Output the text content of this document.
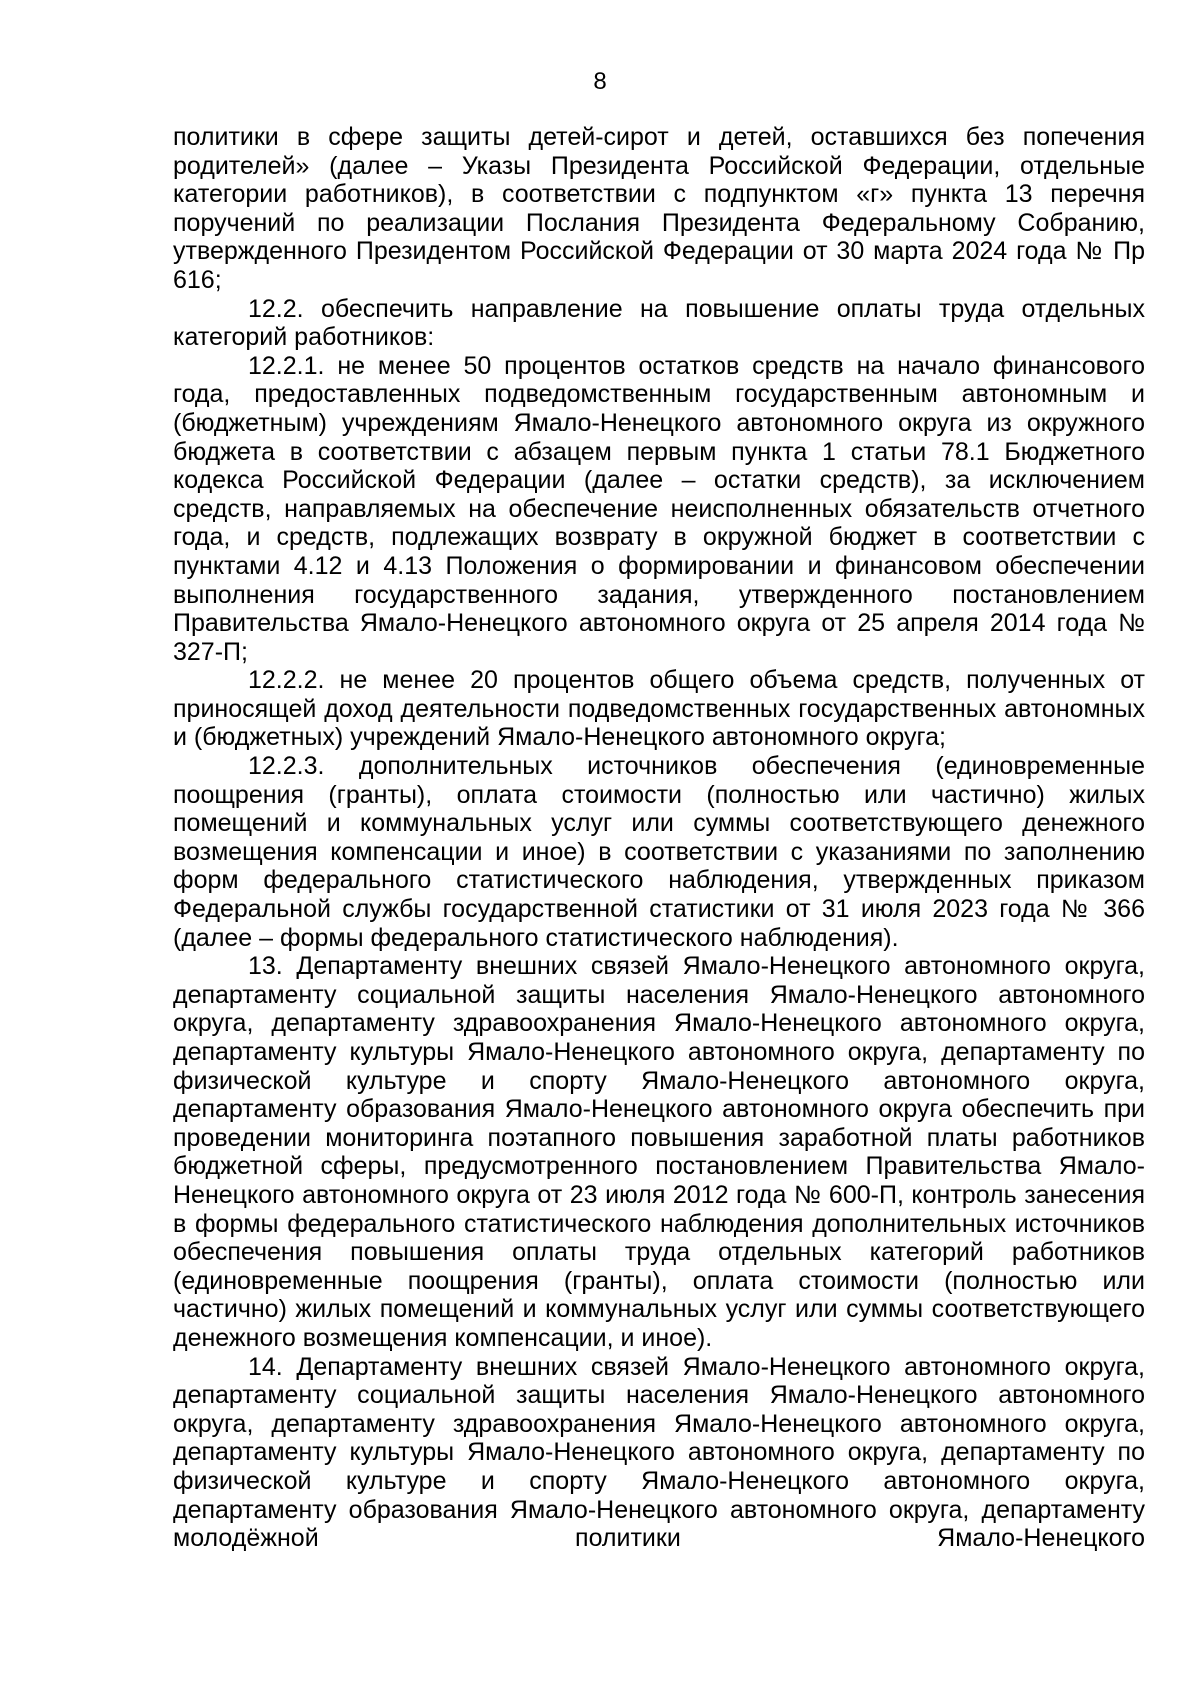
8

политики в сфере защиты детей-сирот и детей, оставшихся без попечения родителей» (далее – Указы Президента Российской Федерации, отдельные категории работников), в соответствии с подпунктом «г» пункта 13 перечня поручений по реализации Послания Президента Федеральному Собранию, утвержденного Президентом Российской Федерации от 30 марта 2024 года № Пр 616;

12.2. обеспечить направление на повышение оплаты труда отдельных категорий работников:

12.2.1. не менее 50 процентов остатков средств на начало финансового года, предоставленных подведомственным государственным автономным и (бюджетным) учреждениям Ямало-Ненецкого автономного округа из окружного бюджета в соответствии с абзацем первым пункта 1 статьи 78.1 Бюджетного кодекса Российской Федерации (далее – остатки средств), за исключением средств, направляемых на обеспечение неисполненных обязательств отчетного года, и средств, подлежащих возврату в окружной бюджет в соответствии с пунктами 4.12 и 4.13 Положения о формировании и финансовом обеспечении выполнения государственного задания, утвержденного постановлением Правительства Ямало-Ненецкого автономного округа от 25 апреля 2014 года № 327-П;

12.2.2. не менее 20 процентов общего объема средств, полученных от приносящей доход деятельности подведомственных государственных автономных и (бюджетных) учреждений Ямало-Ненецкого автономного округа;

12.2.3. дополнительных источников обеспечения (единовременные поощрения (гранты), оплата стоимости (полностью или частично) жилых помещений и коммунальных услуг или суммы соответствующего денежного возмещения компенсации и иное) в соответствии с указаниями по заполнению форм федерального статистического наблюдения, утвержденных приказом Федеральной службы государственной статистики от 31 июля 2023 года № 366 (далее – формы федерального статистического наблюдения).

13. Департаменту внешних связей Ямало-Ненецкого автономного округа, департаменту социальной защиты населения Ямало-Ненецкого автономного округа, департаменту здравоохранения Ямало-Ненецкого автономного округа, департаменту культуры Ямало-Ненецкого автономного округа, департаменту по физической культуре и спорту Ямало-Ненецкого автономного округа, департаменту образования Ямало-Ненецкого автономного округа обеспечить при проведении мониторинга поэтапного повышения заработной платы работников бюджетной сферы, предусмотренного постановлением Правительства Ямало-Ненецкого автономного округа от 23 июля 2012 года № 600-П, контроль занесения в формы федерального статистического наблюдения дополнительных источников обеспечения повышения оплаты труда отдельных категорий работников (единовременные поощрения (гранты), оплата стоимости (полностью или частично) жилых помещений и коммунальных услуг или суммы соответствующего денежного возмещения компенсации, и иное).

14. Департаменту внешних связей Ямало-Ненецкого автономного округа, департаменту социальной защиты населения Ямало-Ненецкого автономного округа, департаменту здравоохранения Ямало-Ненецкого автономного округа, департаменту культуры Ямало-Ненецкого автономного округа, департаменту по физической культуре и спорту Ямало-Ненецкого автономного округа, департаменту образования Ямало-Ненецкого автономного округа, департаменту молодёжной политики Ямало-Ненецкого
